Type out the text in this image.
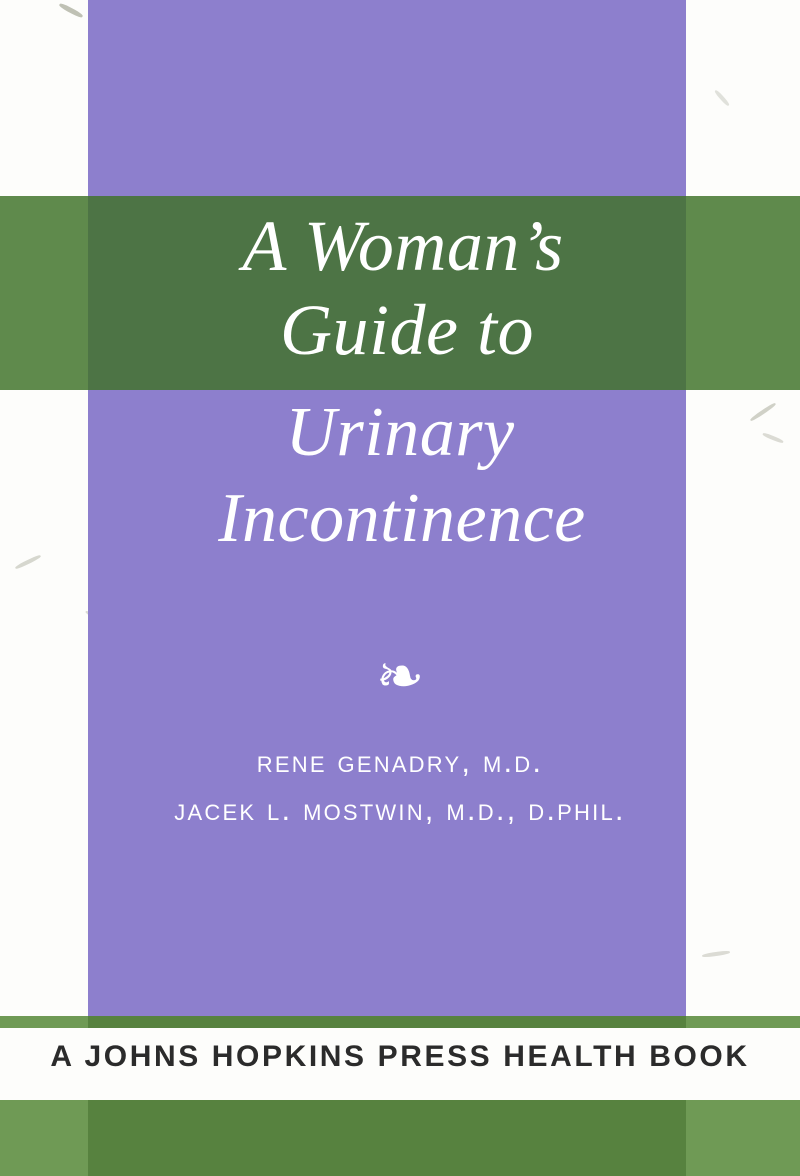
A Woman’s
Guide to
Urinary
Incontinence
❧
rene genadry, m.d.
jacek l. mostwin, m.d., d.phil.
A JOHNS HOPKINS PRESS HEALTH BOOK
